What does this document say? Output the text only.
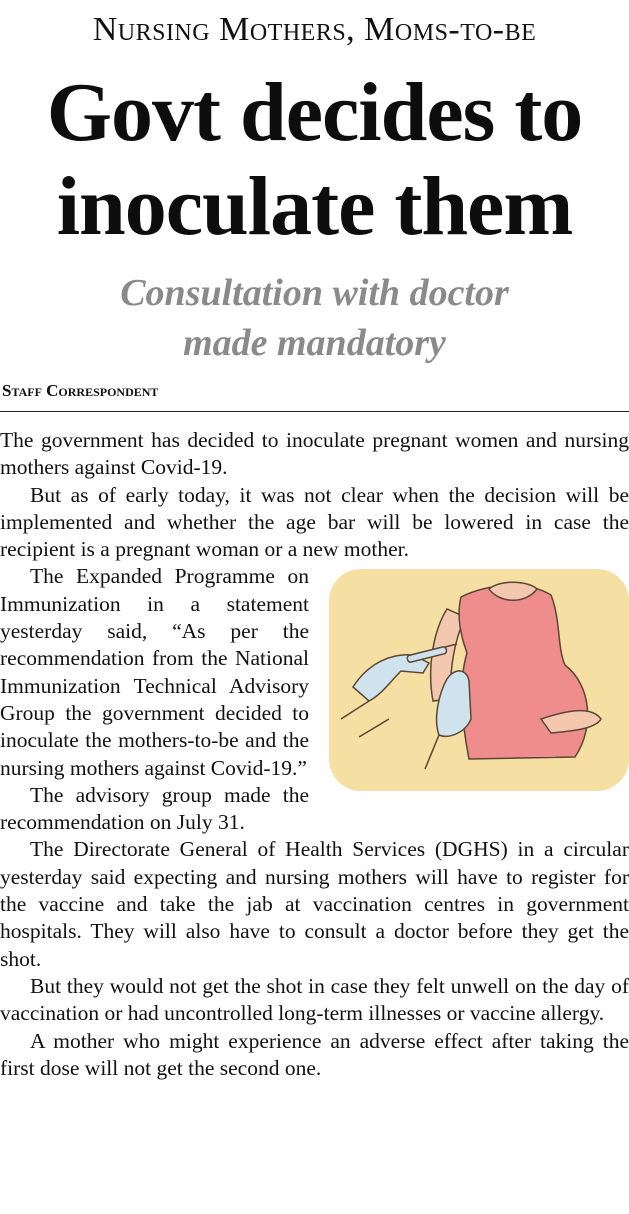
Nursing Mothers, Moms-to-be
Govt decides to
inoculate them
Consultation with doctor
made mandatory
Staff Correspondent

The government has decided to inoculate pregnant women and nursing mothers against Covid-19.

But as of early today, it was not clear when the decision will be implemented and whether the age bar will be lowered in case the recipient is a pregnant woman or a new mother.

The Expanded Programme on Immunization in a statement yesterday said, “As per the recommendation from the National Immunization Technical Advisory Group the government decided to inoculate the mothers-to-be and the nursing mothers against Covid-19.”

The advisory group made the recommendation on July 31.

The Directorate General of Health Services (DGHS) in a circular yesterday said expecting and nursing mothers will have to register for the vaccine and take the jab at vaccination centres in government hospitals. They will also have to consult a doctor before they get the shot.

But they would not get the shot in case they felt unwell on the day of vaccination or had uncontrolled long-term illnesses or vaccine allergy.

A mother who might experience an adverse effect after taking the first dose will not get the second one.
